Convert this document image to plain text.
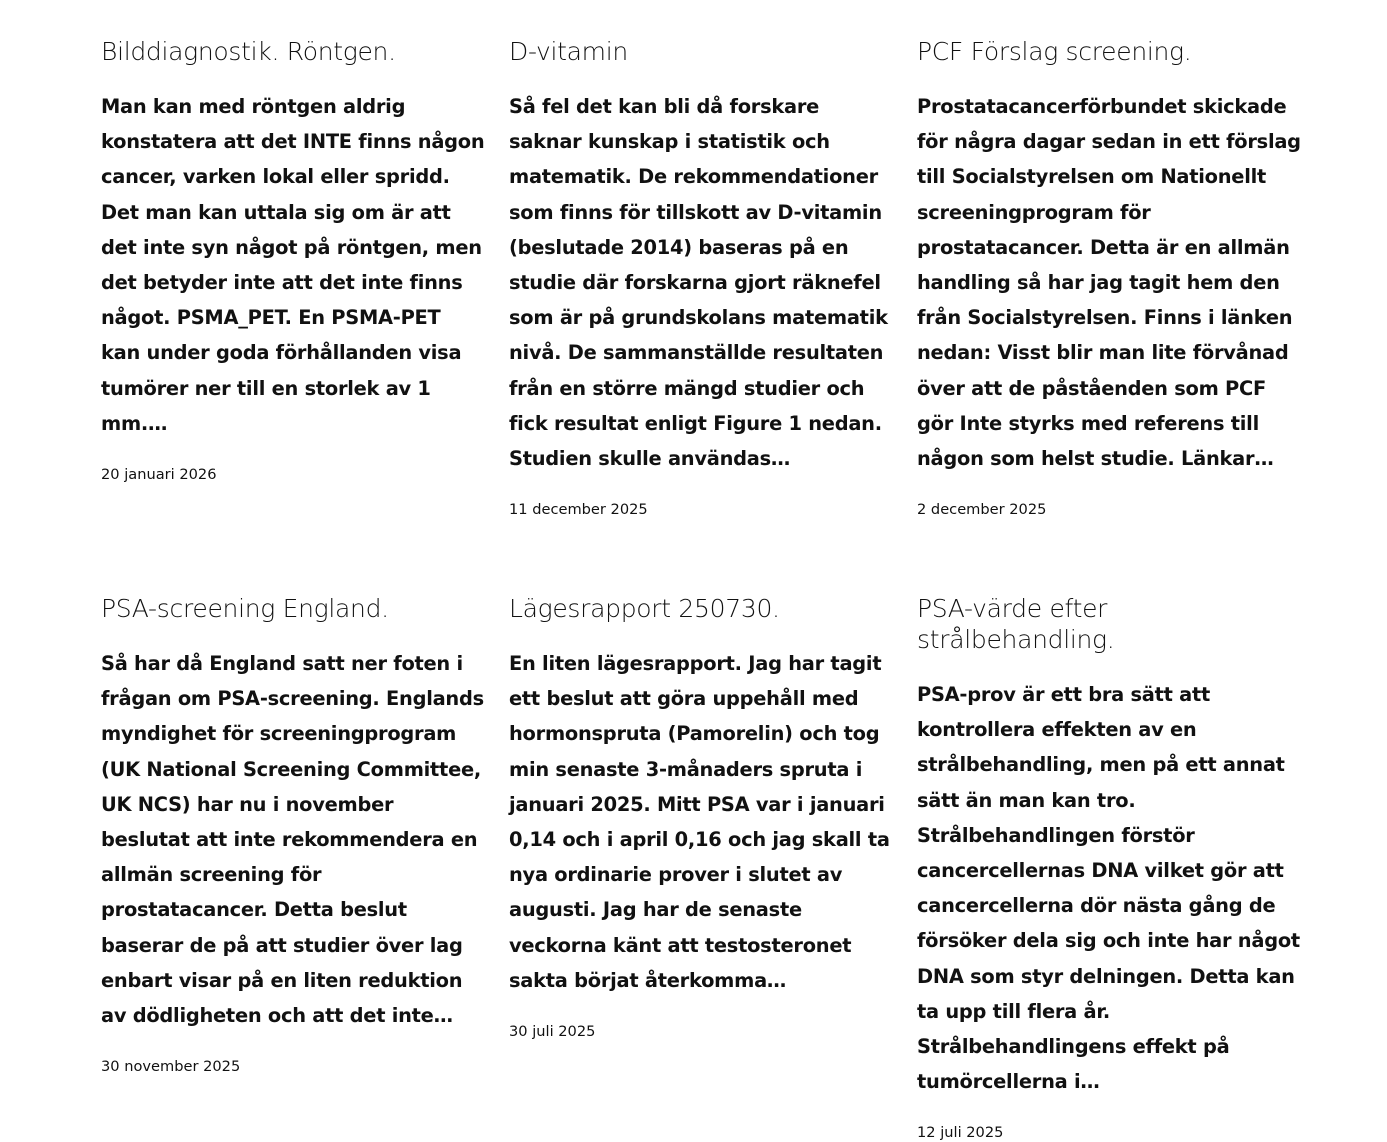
Bilddiagnostik. Röntgen.

Man kan med röntgen aldrig konstatera att det INTE finns någon cancer, varken lokal eller spridd. Det man kan uttala sig om är att det inte syn något på röntgen, men det betyder inte att det inte finns något. PSMA_PET. En PSMA-PET kan under goda förhållanden visa tumörer ner till en storlek av 1 mm.…

20 januari 2026
D-vitamin

Så fel det kan bli då forskare saknar kunskap i statistik och matematik. De rekommendationer som finns för tillskott av D-vitamin (beslutade 2014) baseras på en studie där forskarna gjort räknefel som är på grundskolans matematik nivå. De sammanställde resultaten från en större mängd studier och fick resultat enligt Figure 1 nedan. Studien skulle användas…

11 december 2025
PCF Förslag screening.

Prostatacancerförbundet skickade för några dagar sedan in ett förslag till Socialstyrelsen om Nationellt screeningprogram för prostatacancer. Detta är en allmän handling så har jag tagit hem den från Socialstyrelsen. Finns i länken nedan: Visst blir man lite förvånad över att de påståenden som PCF gör Inte styrks med referens till någon som helst studie. Länkar…

2 december 2025
PSA-screening England.

Så har då England satt ner foten i frågan om PSA-screening. Englands myndighet för screeningprogram (UK National Screening Committee, UK NCS) har nu i november beslutat att inte rekommendera en allmän screening för prostatacancer. Detta beslut baserar de på att studier över lag enbart visar på en liten reduktion av dödligheten och att det inte…

30 november 2025
Lägesrapport 250730.

En liten lägesrapport. Jag har tagit ett beslut att göra uppehåll med hormonspruta (Pamorelin) och tog min senaste 3-månaders spruta i januari 2025. Mitt PSA var i januari 0,14 och i april 0,16 och jag skall ta nya ordinarie prover i slutet av augusti. Jag har de senaste veckorna känt att testosteronet sakta börjat återkomma…

30 juli 2025
PSA-värde efter strålbehandling.

PSA-prov är ett bra sätt att kontrollera effekten av en strålbehandling, men på ett annat sätt än man kan tro. Strålbehandlingen förstör cancercellernas DNA vilket gör att cancercellerna dör nästa gång de försöker dela sig och inte har något DNA som styr delningen. Detta kan ta upp till flera år. Strålbehandlingens effekt på tumörcellerna i…

12 juli 2025
